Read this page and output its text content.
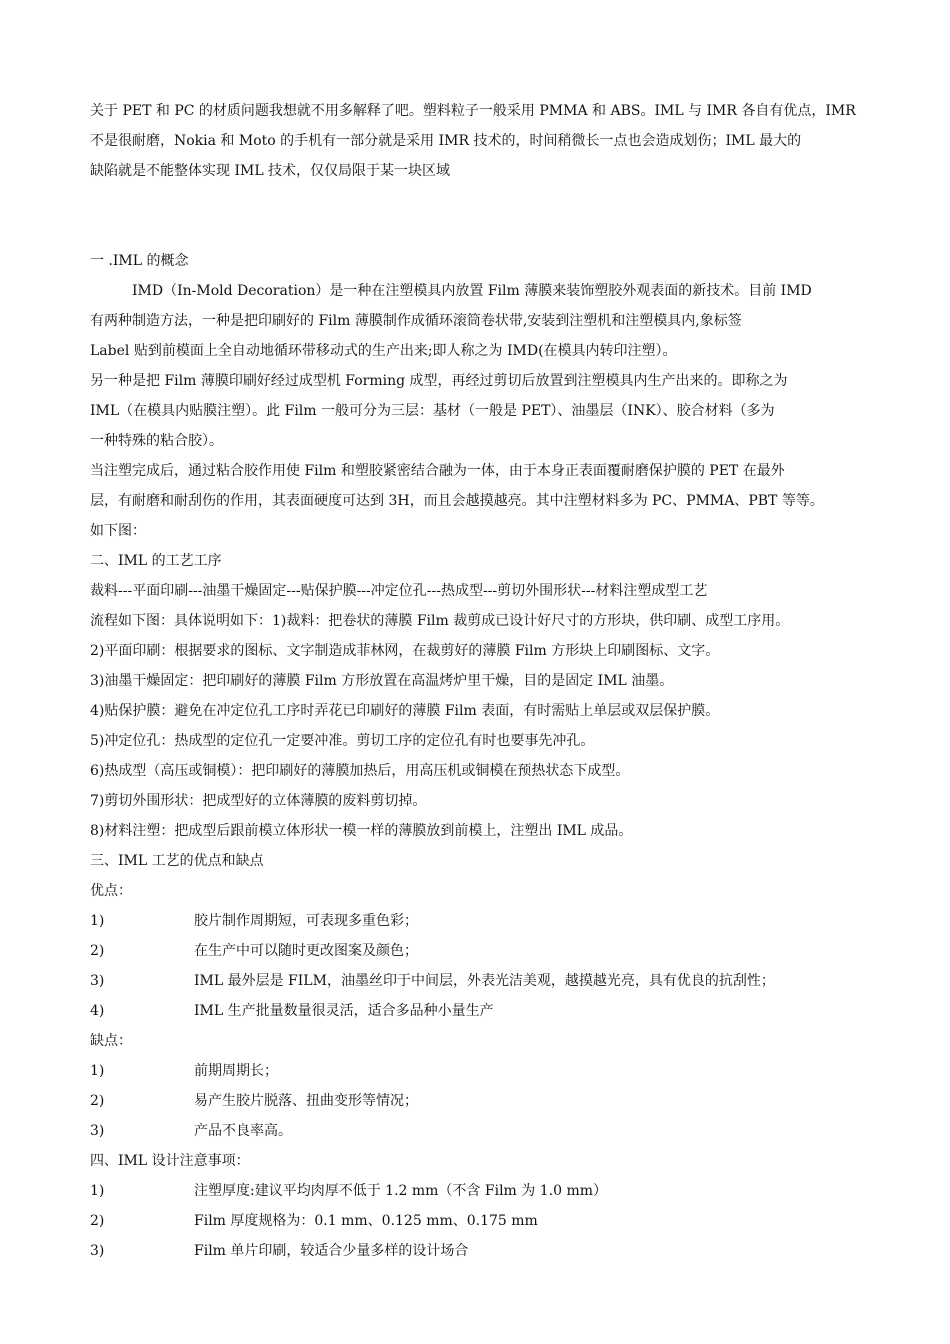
关于 PET 和 PC 的材质问题我想就不用多解释了吧。塑料粒子一般采用 PMMA 和 ABS。IML 与 IMR 各自有优点，IMR
不是很耐磨，Nokia 和 Moto 的手机有一部分就是采用 IMR 技术的，时间稍微长一点也会造成划伤；IML 最大的
缺陷就是不能整体实现 IML 技术，仅仅局限于某一块区域
一 .IML 的概念
IMD（In-Mold Decoration）是一种在注塑模具内放置 Film 薄膜来装饰塑胶外观表面的新技术。目前 IMD
有两种制造方法，一种是把印刷好的 Film 薄膜制作成循环滚筒卷状带,安装到注塑机和注塑模具内,象标签
Label 贴到前模面上全自动地循环带移动式的生产出来;即人称之为 IMD(在模具内转印注塑）。
另一种是把 Film 薄膜印刷好经过成型机 Forming 成型，再经过剪切后放置到注塑模具内生产出来的。即称之为
IML（在模具内贴膜注塑）。此 Film 一般可分为三层：基材（一般是 PET）、油墨层（INK）、胶合材料（多为
一种特殊的粘合胶）。
当注塑完成后，通过粘合胶作用使 Film 和塑胶紧密结合融为一体，由于本身正表面覆耐磨保护膜的 PET 在最外
层，有耐磨和耐刮伤的作用，其表面硬度可达到 3H，而且会越摸越亮。其中注塑材料多为 PC、PMMA、PBT 等等。
如下图：
二、IML 的工艺工序
裁料---平面印刷---油墨干燥固定---贴保护膜---冲定位孔---热成型---剪切外围形状---材料注塑成型工艺
流程如下图：具体说明如下：1)裁料：把卷状的薄膜 Film 裁剪成已设计好尺寸的方形块，供印刷、成型工序用。
2)平面印刷：根据要求的图标、文字制造成菲林网，在裁剪好的薄膜 Film 方形块上印刷图标、文字。
3)油墨干燥固定：把印刷好的薄膜 Film 方形放置在高温烤炉里干燥，目的是固定 IML 油墨。
4)贴保护膜：避免在冲定位孔工序时弄花已印刷好的薄膜 Film 表面，有时需贴上单层或双层保护膜。
5)冲定位孔：热成型的定位孔一定要冲准。剪切工序的定位孔有时也要事先冲孔。
6)热成型（高压或铜模）：把印刷好的薄膜加热后，用高压机或铜模在预热状态下成型。
7)剪切外围形状：把成型好的立体薄膜的废料剪切掉。
8)材料注塑：把成型后跟前模立体形状一模一样的薄膜放到前模上，注塑出 IML 成品。
三、IML 工艺的优点和缺点
优点：
1)	胶片制作周期短，可表现多重色彩；
2)	在生产中可以随时更改图案及颜色；
3)	IML 最外层是 FILM，油墨丝印于中间层，外表光洁美观，越摸越光亮，具有优良的抗刮性；
4)	IML 生产批量数量很灵活，适合多品种小量生产
缺点：
1)	前期周期长；
2)	易产生胶片脱落、扭曲变形等情况；
3)	产品不良率高。
四、IML 设计注意事项：
1)	注塑厚度:建议平均肉厚不低于 1.2 mm（不含 Film 为 1.0 mm）
2)	Film 厚度规格为：0.1 mm、0.125 mm、0.175 mm
3)	Film 单片印刷，较适合少量多样的设计场合
